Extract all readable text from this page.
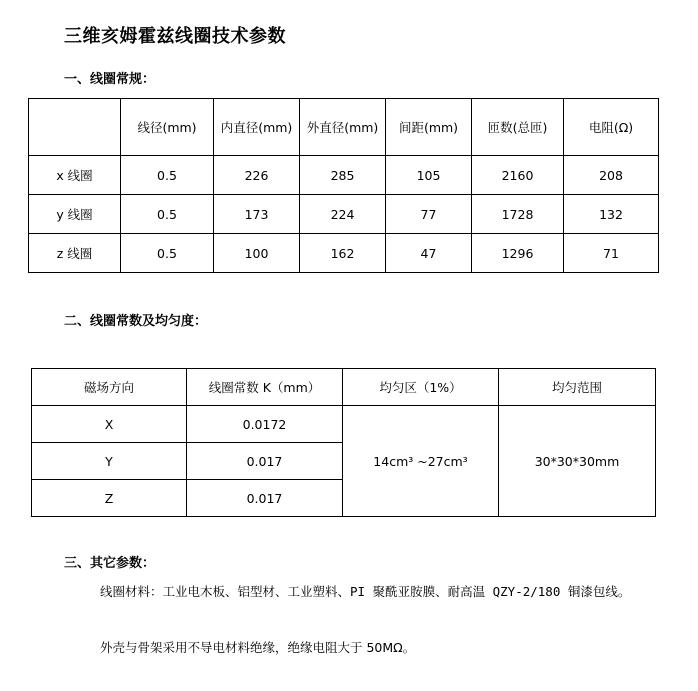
三维亥姆霍兹线圈技术参数
一、线圈常规：
	线径(mm)	内直径(mm)	外直径(mm)	间距(mm)	匝数(总匝)	电阻(Ω)
x 线圈	0.5	226	285	105	2160	208
y 线圈	0.5	173	224	77	1728	132
z 线圈	0.5	100	162	47	1296	71
二、线圈常数及均匀度：
磁场方向	线圈常数 K（mm）	均匀区（1%）	均匀范围
X	0.0172	14cm³ ~27cm³	30*30*30mm
Y	0.017		
Z	0.017		
三、其它参数：
线圈材料：工业电木板、铝型材、工业塑料、PI 聚酰亚胺膜、耐高温 QZY-2/180 铜漆包线。
外壳与骨架采用不导电材料绝缘，绝缘电阻大于 50MΩ。
